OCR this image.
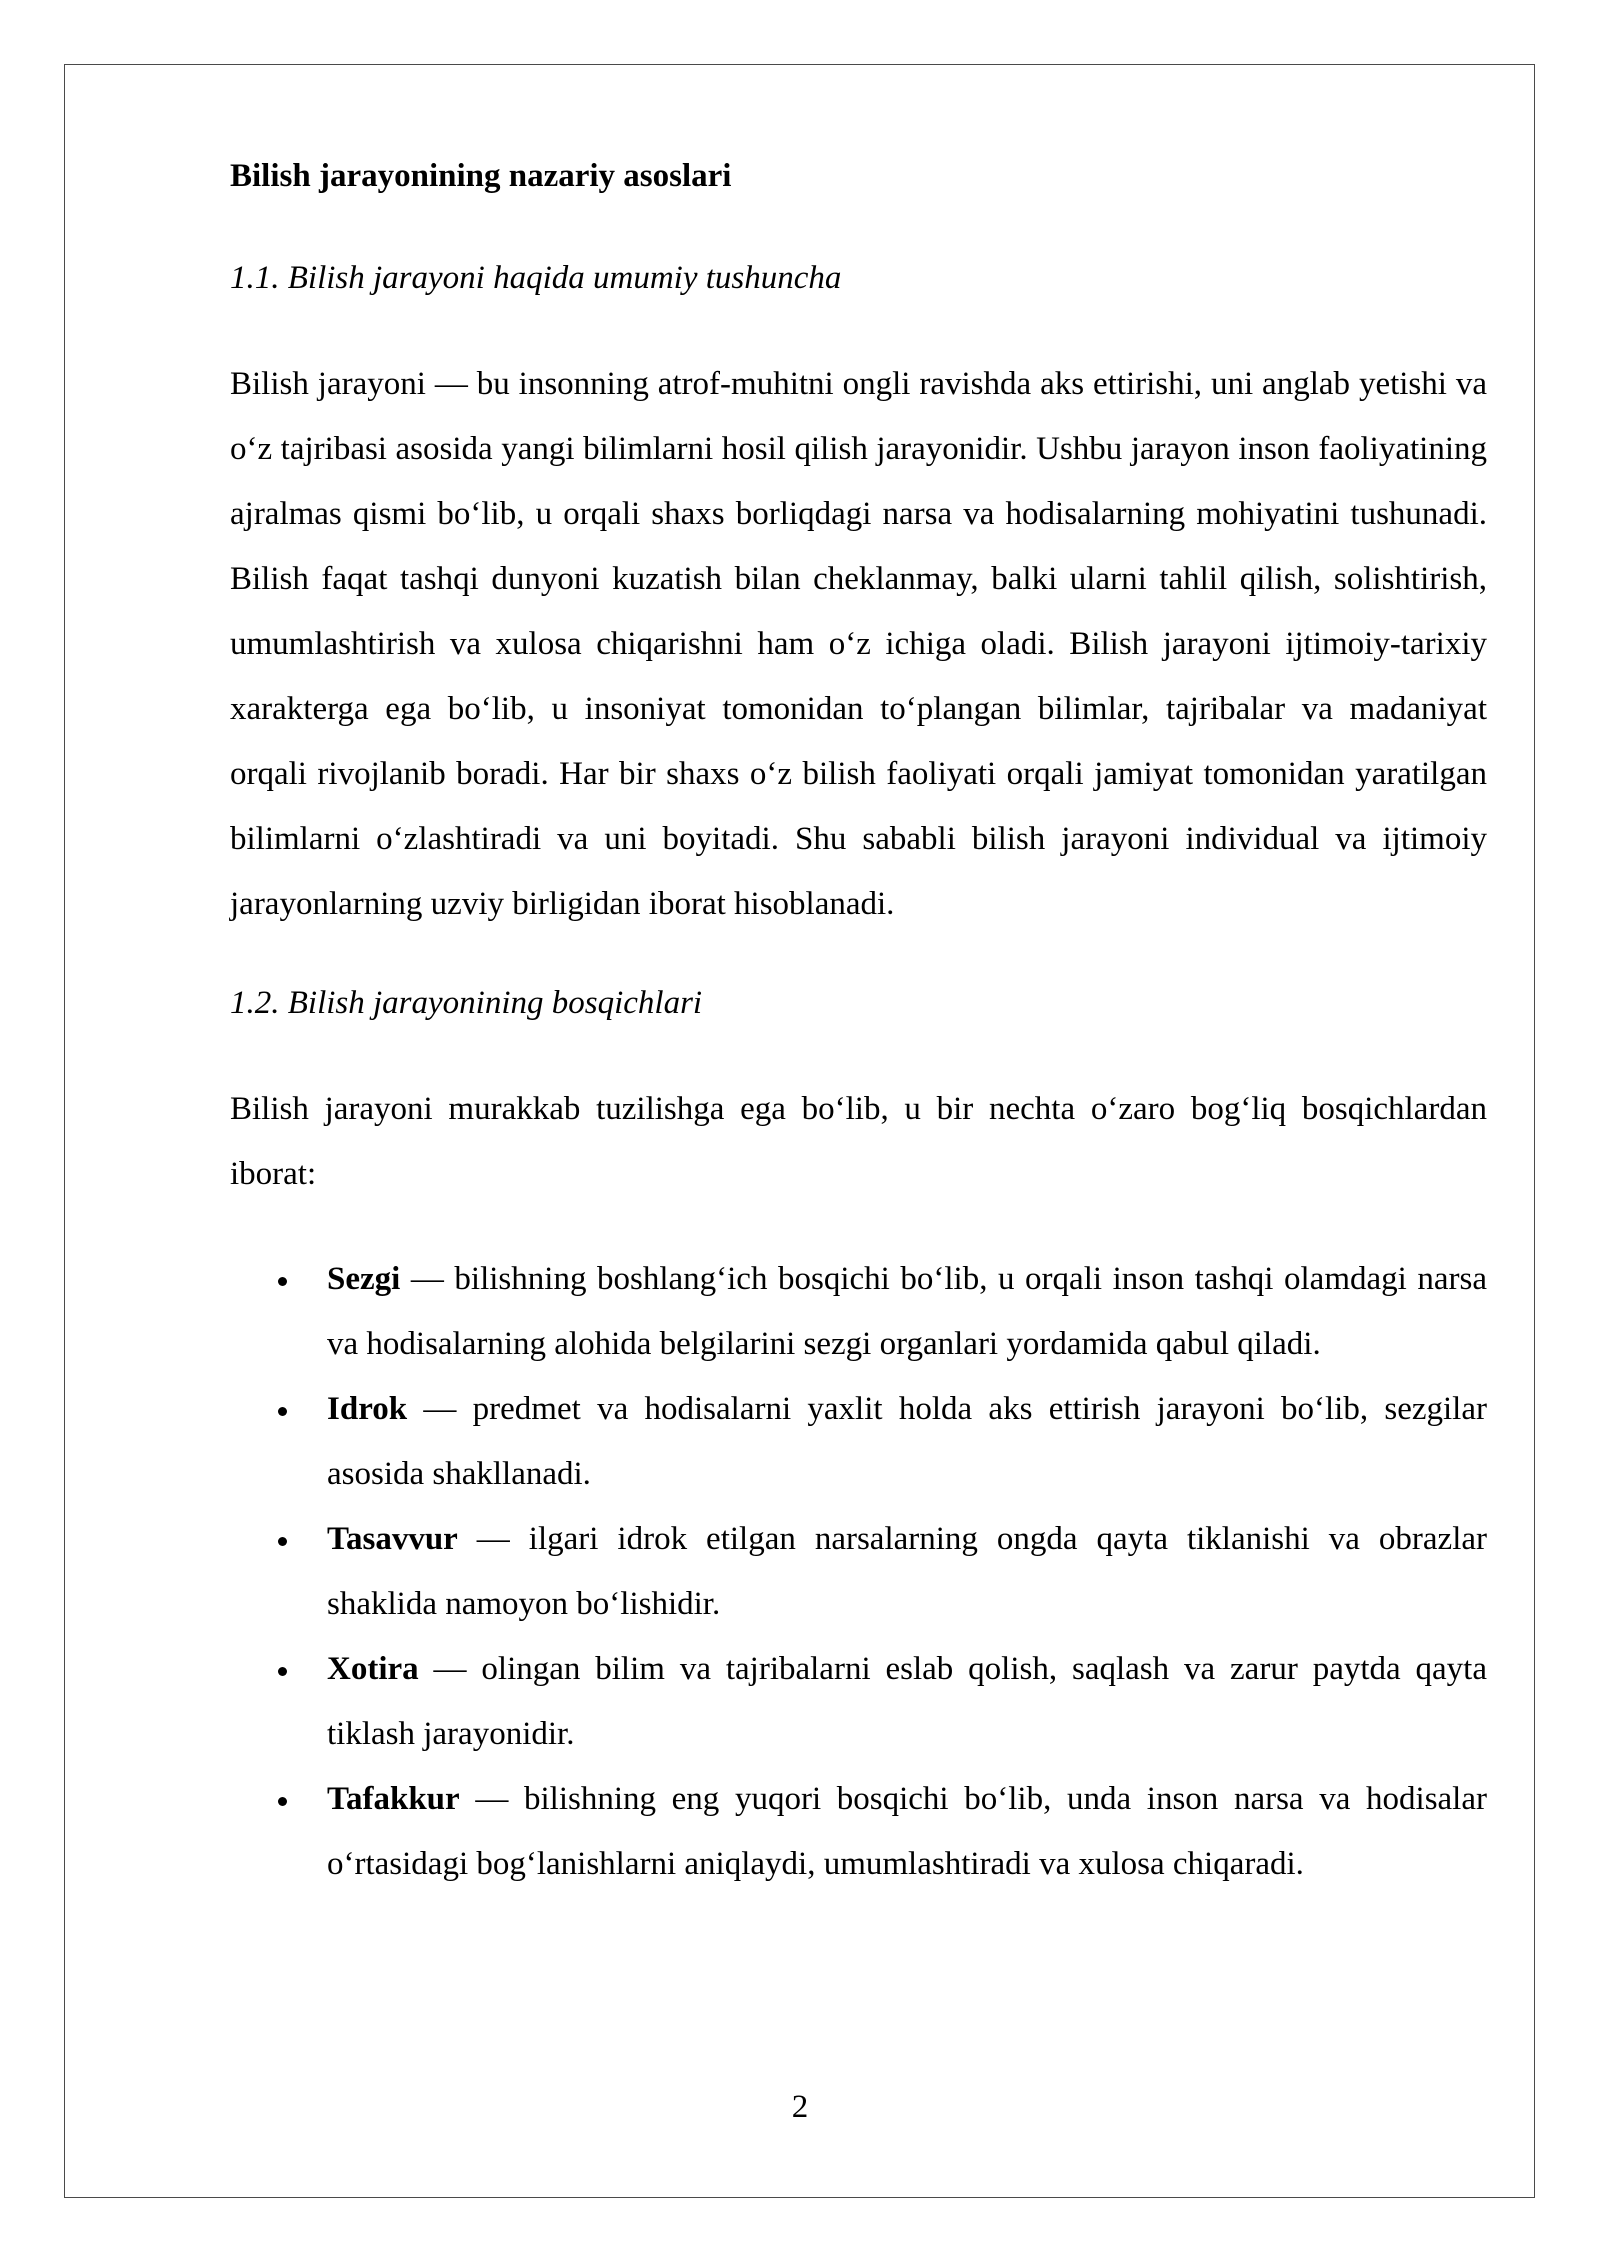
Bilish jarayonining nazariy asoslari
1.1. Bilish jarayoni haqida umumiy tushuncha

Bilish jarayoni — bu insonning atrof-muhitni ongli ravishda aks ettirishi, uni anglab yetishi va oʻz tajribasi asosida yangi bilimlarni hosil qilish jarayonidir. Ushbu jarayon inson faoliyatining ajralmas qismi boʻlib, u orqali shaxs borliqdagi narsa va hodisalarning mohiyatini tushunadi. Bilish faqat tashqi dunyoni kuzatish bilan cheklanmay, balki ularni tahlil qilish, solishtirish, umumlashtirish va xulosa chiqarishni ham oʻz ichiga oladi. Bilish jarayoni ijtimoiy-tarixiy xarakterga ega boʻlib, u insoniyat tomonidan toʻplangan bilimlar, tajribalar va madaniyat orqali rivojlanib boradi. Har bir shaxs oʻz bilish faoliyati orqali jamiyat tomonidan yaratilgan bilimlarni oʻzlashtiradi va uni boyitadi. Shu sababli bilish jarayoni individual va ijtimoiy jarayonlarning uzviy birligidan iborat hisoblanadi.

1.2. Bilish jarayonining bosqichlari

Bilish jarayoni murakkab tuzilishga ega boʻlib, u bir nechta oʻzaro bogʻliq bosqichlardan iborat:

Sezgi — bilishning boshlangʻich bosqichi boʻlib, u orqali inson tashqi olamdagi narsa va hodisalarning alohida belgilarini sezgi organlari yordamida qabul qiladi.
Idrok — predmet va hodisalarni yaxlit holda aks ettirish jarayoni boʻlib, sezgilar asosida shakllanadi.
Tasavvur — ilgari idrok etilgan narsalarning ongda qayta tiklanishi va obrazlar shaklida namoyon boʻlishidir.
Xotira — olingan bilim va tajribalarni eslab qolish, saqlash va zarur paytda qayta tiklash jarayonidir.
Tafakkur — bilishning eng yuqori bosqichi boʻlib, unda inson narsa va hodisalar oʻrtasidagi bogʻlanishlarni aniqlaydi, umumlashtiradi va xulosa chiqaradi.
2
